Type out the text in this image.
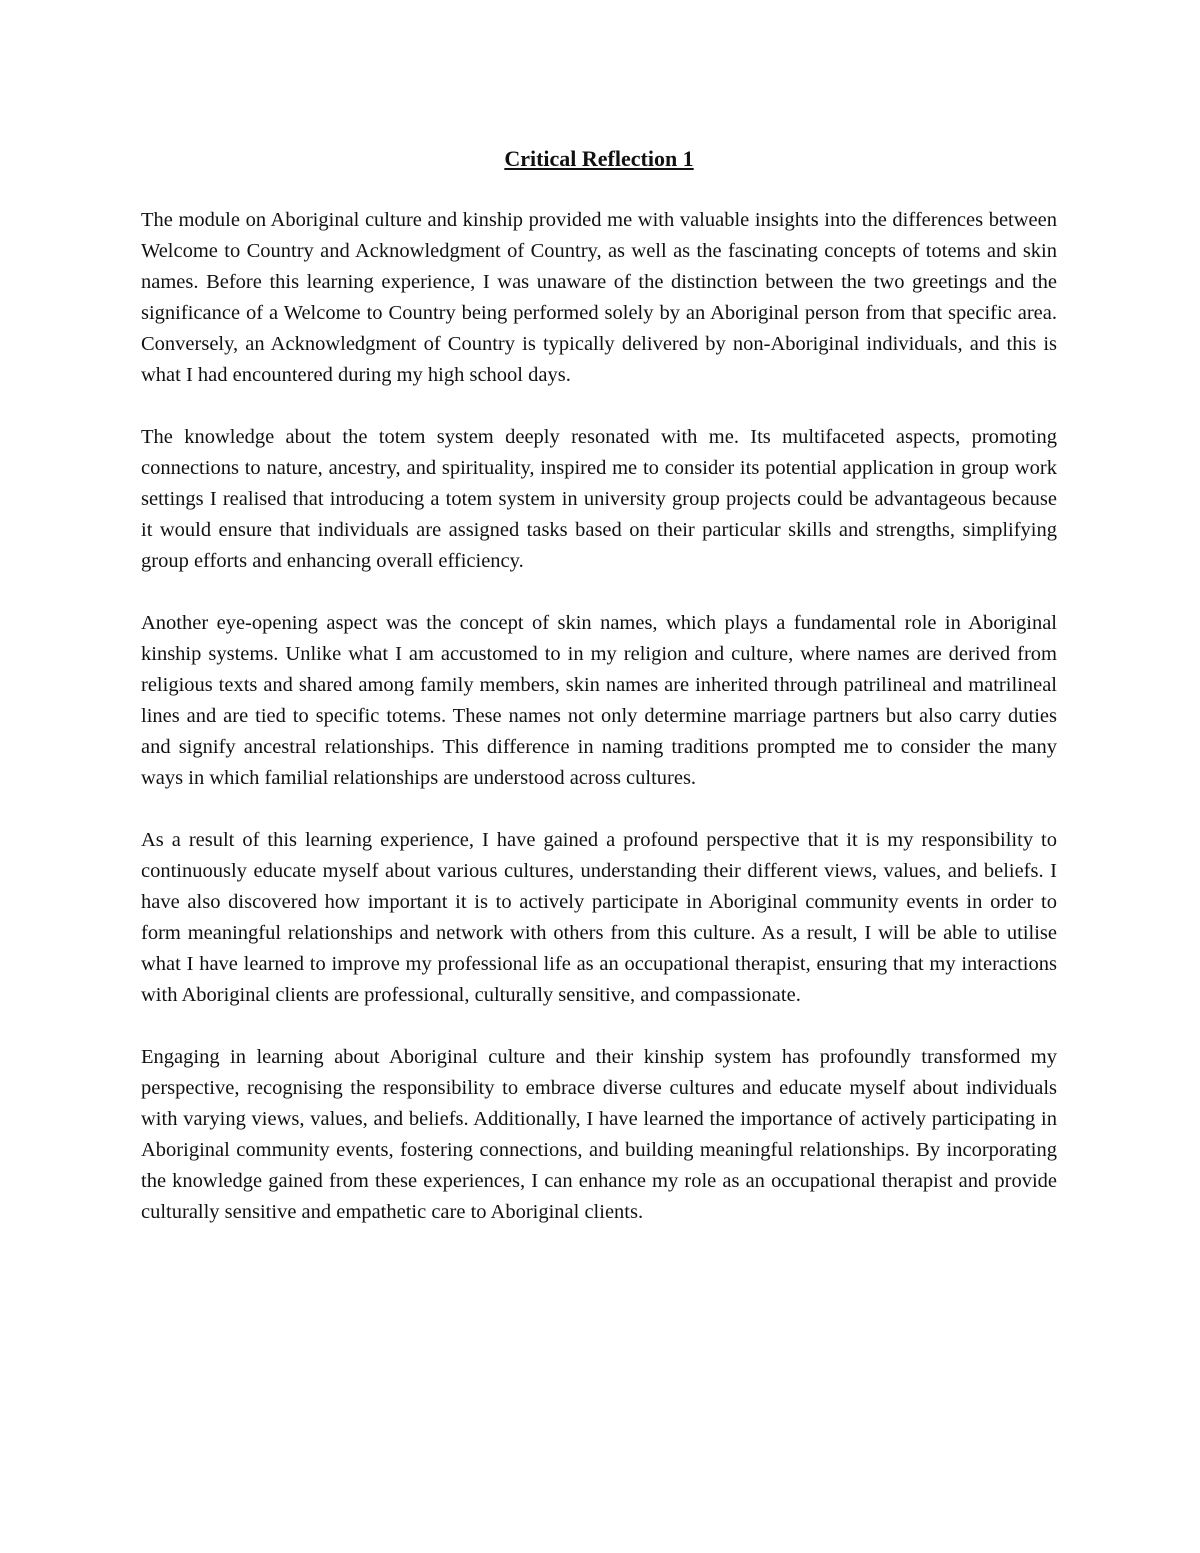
Critical Reflection 1

The module on Aboriginal culture and kinship provided me with valuable insights into the differences between Welcome to Country and Acknowledgment of Country, as well as the fascinating concepts of totems and skin names. Before this learning experience, I was unaware of the distinction between the two greetings and the significance of a Welcome to Country being performed solely by an Aboriginal person from that specific area. Conversely, an Acknowledgment of Country is typically delivered by non-Aboriginal individuals, and this is what I had encountered during my high school days.

The knowledge about the totem system deeply resonated with me. Its multifaceted aspects, promoting connections to nature, ancestry, and spirituality, inspired me to consider its potential application in group work settings I realised that introducing a totem system in university group projects could be advantageous because it would ensure that individuals are assigned tasks based on their particular skills and strengths, simplifying group efforts and enhancing overall efficiency.

Another eye-opening aspect was the concept of skin names, which plays a fundamental role in Aboriginal kinship systems. Unlike what I am accustomed to in my religion and culture, where names are derived from religious texts and shared among family members, skin names are inherited through patrilineal and matrilineal lines and are tied to specific totems. These names not only determine marriage partners but also carry duties and signify ancestral relationships. This difference in naming traditions prompted me to consider the many ways in which familial relationships are understood across cultures.

As a result of this learning experience, I have gained a profound perspective that it is my responsibility to continuously educate myself about various cultures, understanding their different views, values, and beliefs. I have also discovered how important it is to actively participate in Aboriginal community events in order to form meaningful relationships and network with others from this culture. As a result, I will be able to utilise what I have learned to improve my professional life as an occupational therapist, ensuring that my interactions with Aboriginal clients are professional, culturally sensitive, and compassionate.

Engaging in learning about Aboriginal culture and their kinship system has profoundly transformed my perspective, recognising the responsibility to embrace diverse cultures and educate myself about individuals with varying views, values, and beliefs. Additionally, I have learned the importance of actively participating in Aboriginal community events, fostering connections, and building meaningful relationships. By incorporating the knowledge gained from these experiences, I can enhance my role as an occupational therapist and provide culturally sensitive and empathetic care to Aboriginal clients.
